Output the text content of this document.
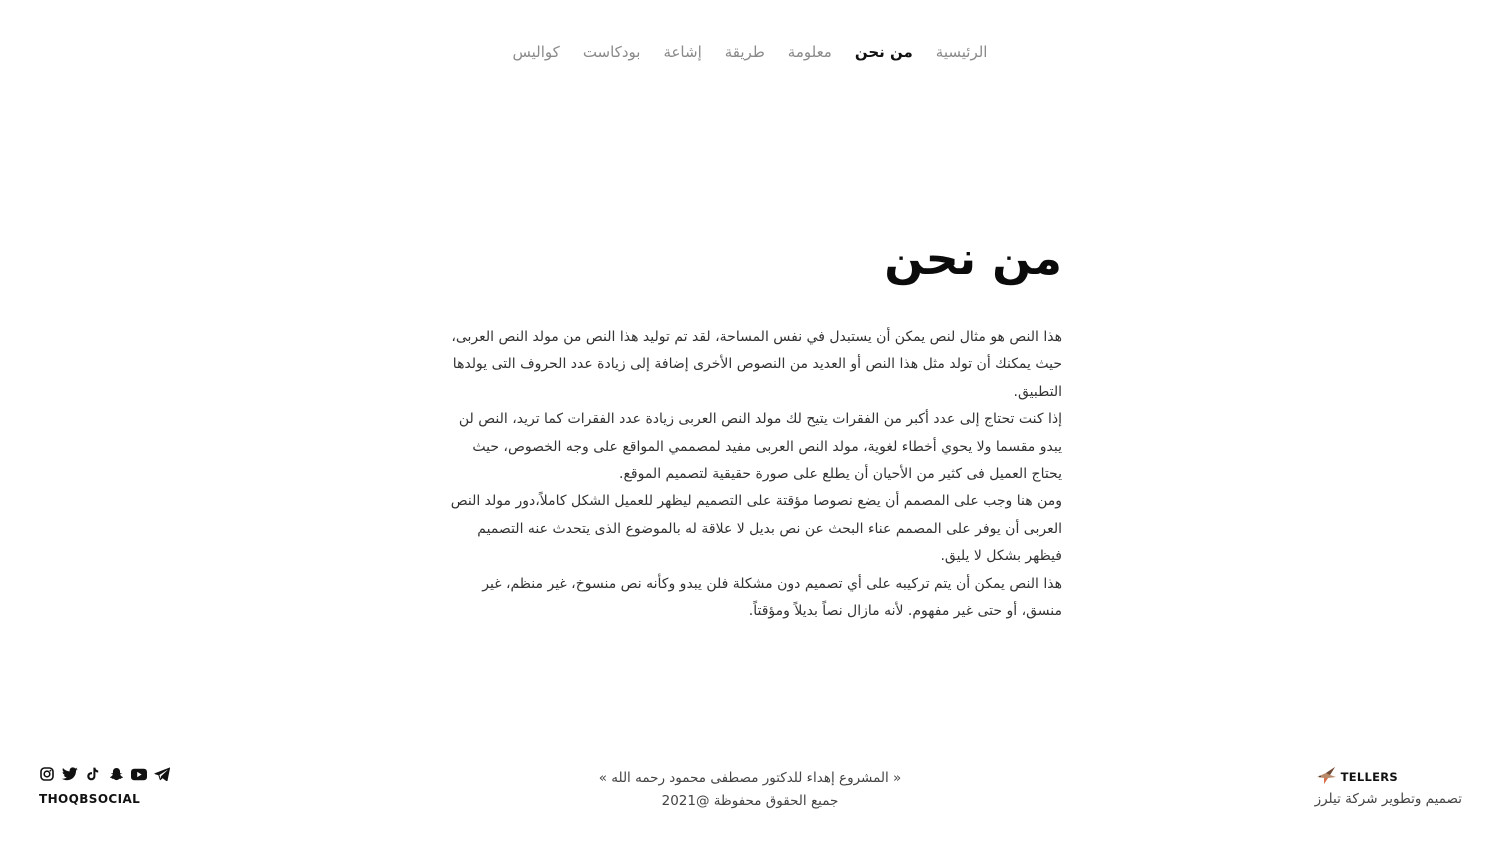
الرئيسية
من نحن
معلومة
طريقة
إشاعة
بودكاست
كواليس
من نحن

هذا النص هو مثال لنص يمكن أن يستبدل في نفس المساحة، لقد تم توليد هذا النص من مولد النص العربى، حيث يمكنك أن تولد مثل هذا النص أو العديد من النصوص الأخرى إضافة إلى زيادة عدد الحروف التى يولدها التطبيق.

إذا كنت تحتاج إلى عدد أكبر من الفقرات يتيح لك مولد النص العربى زيادة عدد الفقرات كما تريد، النص لن يبدو مقسما ولا يحوي أخطاء لغوية، مولد النص العربى مفيد لمصممي المواقع على وجه الخصوص، حيث يحتاج العميل فى كثير من الأحيان أن يطلع على صورة حقيقية لتصميم الموقع.

ومن هنا وجب على المصمم أن يضع نصوصا مؤقتة على التصميم ليظهر للعميل الشكل كاملاً،دور مولد النص العربى أن يوفر على المصمم عناء البحث عن نص بديل لا علاقة له بالموضوع الذى يتحدث عنه التصميم فيظهر بشكل لا يليق.

هذا النص يمكن أن يتم تركيبه على أي تصميم دون مشكلة فلن يبدو وكأنه نص منسوخ، غير منظم، غير منسق، أو حتى غير مفهوم. لأنه مازال نصاً بديلاً ومؤقتاً.

THOQBSOCIAL
« المشروع إهداء للدكتور مصطفى محمود رحمه الله »
جميع الحقوق محفوظة @2021
TELLERS
تصميم وتطوير شركة تيلرز
